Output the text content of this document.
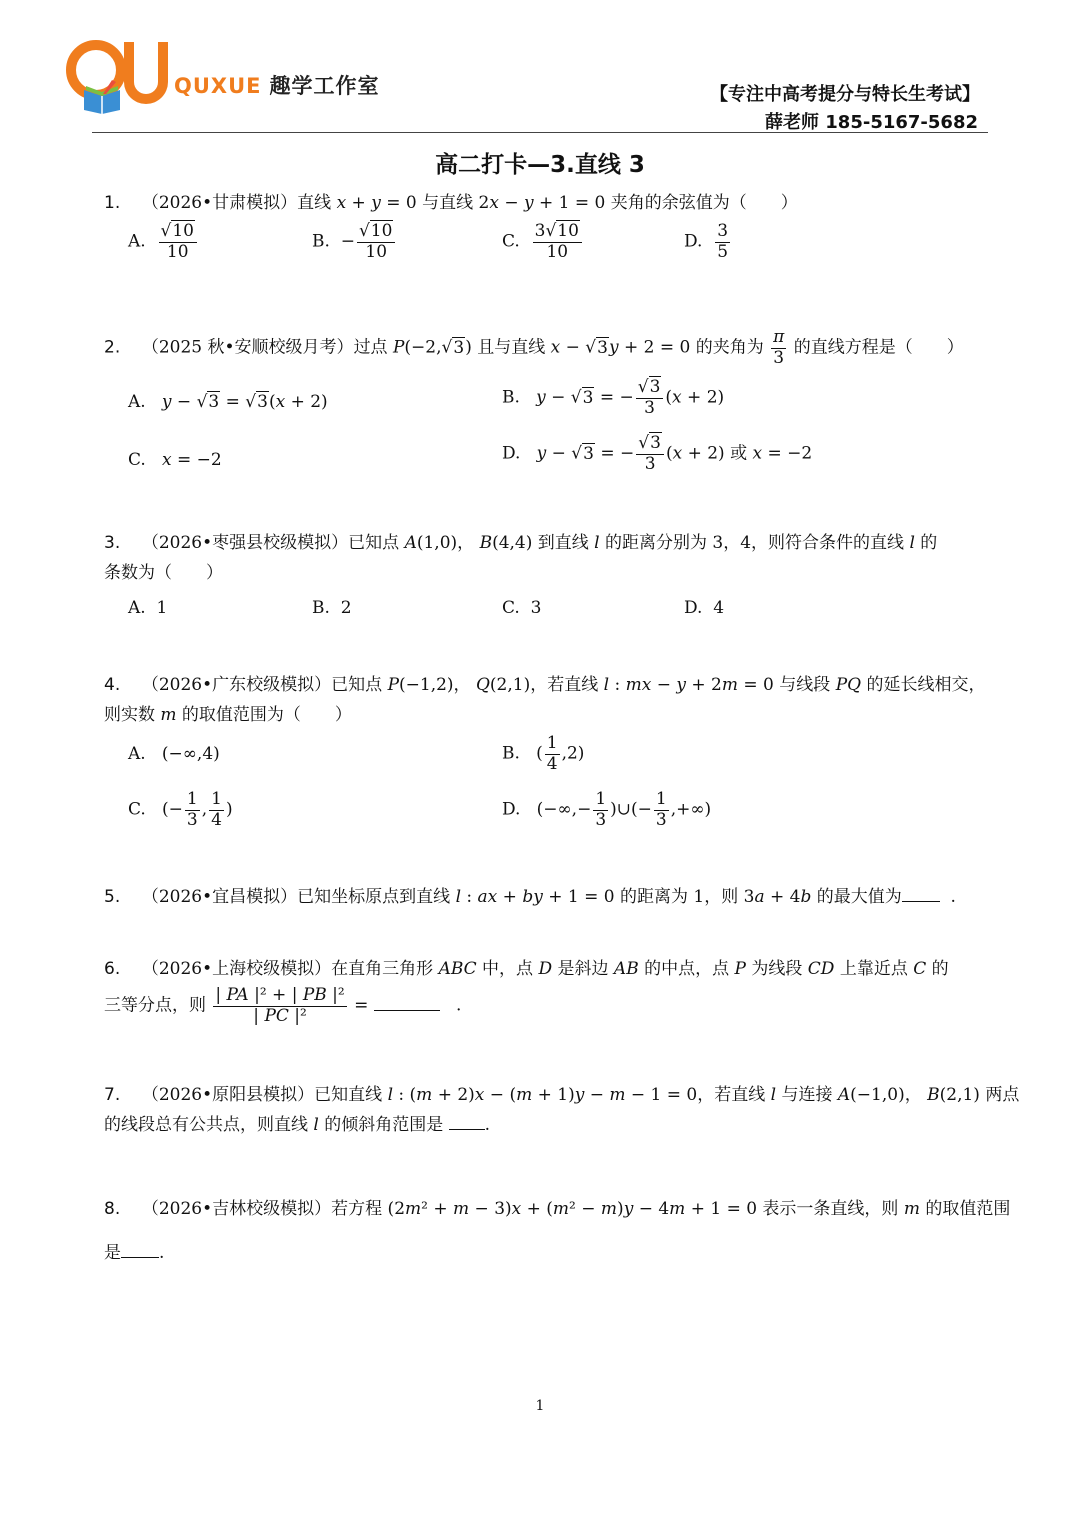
QUXUE 趣学工作室	【专注中高考提分与特长生考试】
薛老师 185-5167-5682
高二打卡—3.直线 3
1. （2026•甘肃模拟）直线 x + y = 0 与直线 2x − y + 1 = 0 夹角的余弦值为（　　）
A. $\frac{√10}{10}$	B.  − $\frac{√10}{10}$	C. $\frac{3√10}{10}$	D. $\frac{3}{5}$
2. （2025 秋•安顺校级月考）过点 P(−2,√3) 且与直线 x − √3y + 2 = 0 的夹角为 $\frac{\pi}{3}$ 的直线方程是（　　）
A.   y − √3 = √3(x + 2)	B.   y − √3 = − $\frac{√3}{3} (x + 2)$
C.   x = −2	D.   y − √3 = − $\frac{√3}{3} (x + 2)$ 或 x = −2
3. （2026•枣强县校级模拟）已知点 A(1,0)， B(4,4) 到直线 l 的距离分别为 3，4，则符合条件的直线 l 的
条数为（　　）
A.  1	B.  2	C.  3	D.  4
4. （2026•广东校级模拟）已知点 P(−1,2)， Q(2,1)，若直线 l : mx − y + 2m = 0 与线段 PQ 的延长线相交，
则实数 m 的取值范围为（　　）
A.   (−∞,4)	B.   ( $\frac{1}{4} ,2$)
C.   (− $\frac{1}{3}$ , $\frac{1}{4}$ )	D.   (−∞,− $\frac{1}{3}$ )∪(− $\frac{1}{3}$ ,+∞)
5. （2026•宜昌模拟）已知坐标原点到直线 l : ax + by + 1 = 0 的距离为 1，则 3a + 4b 的最大值为  .
6. （2026•上海校级模拟）在直角三角形 ABC 中，点 D 是斜边 AB 的中点，点 P 为线段 CD 上靠近点 C 的
三等分点，则 $\frac{\text{| PA |² + | PB |²}}{\text{| PC |²}}$ =	.
7. （2026•原阳县模拟）已知直线 l : (m + 2)x − (m + 1)y − m − 1 = 0，若直线 l 与连接 A(−1,0)， B(2,1) 两点
的线段总有公共点，则直线 l 的倾斜角范围是 .
8. （2026•吉林校级模拟）若方程 (2m² + m − 3)x + (m² − m)y − 4m + 1 = 0 表示一条直线，则 m 的取值范围
是 .
1
